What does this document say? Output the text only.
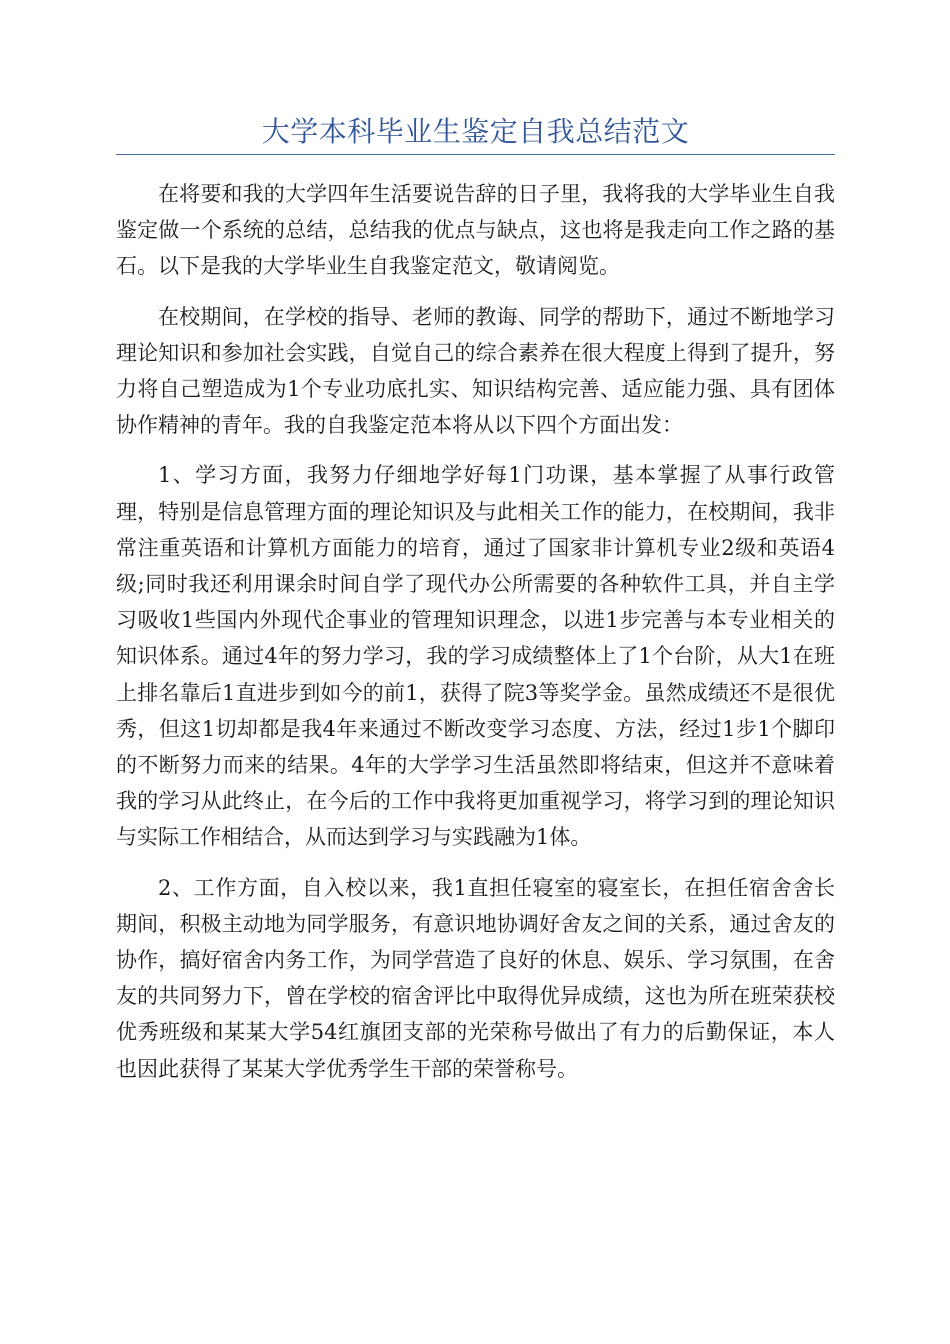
大学本科毕业生鉴定自我总结范文

在将要和我的大学四年生活要说告辞的日子里，我将我的大学毕业生自我鉴定做一个系统的总结，总结我的优点与缺点，这也将是我走向工作之路的基石。以下是我的大学毕业生自我鉴定范文，敬请阅览。

在校期间，在学校的指导、老师的教诲、同学的帮助下，通过不断地学习理论知识和参加社会实践，自觉自己的综合素养在很大程度上得到了提升，努力将自己塑造成为1个专业功底扎实、知识结构完善、适应能力强、具有团体协作精神的青年。我的自我鉴定范本将从以下四个方面出发：

1、学习方面，我努力仔细地学好每1门功课，基本掌握了从事行政管理，特别是信息管理方面的理论知识及与此相关工作的能力，在校期间，我非常注重英语和计算机方面能力的培育，通过了国家非计算机专业2级和英语4级;同时我还利用课余时间自学了现代办公所需要的各种软件工具，并自主学习吸收1些国内外现代企事业的管理知识理念，以进1步完善与本专业相关的知识体系。通过4年的努力学习，我的学习成绩整体上了1个台阶，从大1在班上排名靠后1直进步到如今的前1，获得了院3等奖学金。虽然成绩还不是很优秀，但这1切却都是我4年来通过不断改变学习态度、方法，经过1步1个脚印的不断努力而来的结果。4年的大学学习生活虽然即将结束，但这并不意味着我的学习从此终止，在今后的工作中我将更加重视学习，将学习到的理论知识与实际工作相结合，从而达到学习与实践融为1体。

2、工作方面，自入校以来，我1直担任寝室的寝室长，在担任宿舍舍长期间，积极主动地为同学服务，有意识地协调好舍友之间的关系，通过舍友的协作，搞好宿舍内务工作，为同学营造了良好的休息、娱乐、学习氛围，在舍友的共同努力下，曾在学校的宿舍评比中取得优异成绩，这也为所在班荣获校优秀班级和某某大学54红旗团支部的光荣称号做出了有力的后勤保证，本人也因此获得了某某大学优秀学生干部的荣誉称号。
